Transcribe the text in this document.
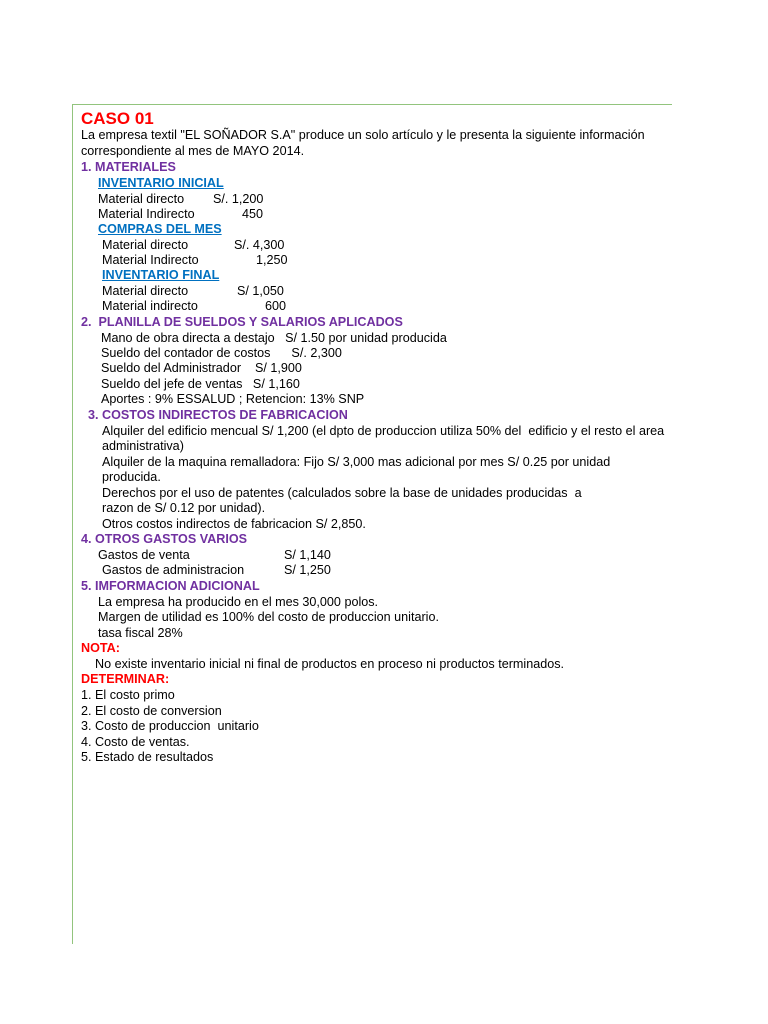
CASO 01
La empresa textil "EL SOÑADOR S.A" produce un solo artículo y le presenta la siguiente información
correspondiente al mes de MAYO 2014.
1. MATERIALES
INVENTARIO INICIAL
Material directo S/. 1,200
Material Indirecto	450
COMPRAS DEL MES
Material directo	S/. 4,300
Material Indirecto	1,250
INVENTARIO FINAL
Material directo	S/ 1,050
Material indirecto	600
2.  PLANILLA DE SUELDOS Y SALARIOS APLICADOS
Mano de obra directa a destajo   S/ 1.50 por unidad producida
Sueldo del contador de costos      S/. 2,300
Sueldo del Administrador    S/ 1,900
Sueldo del jefe de ventas   S/ 1,160
Aportes : 9% ESSALUD ; Retencion: 13% SNP
3. COSTOS INDIRECTOS DE FABRICACION
Alquiler del edificio mencual S/ 1,200 (el dpto de produccion utiliza 50% del  edificio y el resto el area
administrativa)
Alquiler de la maquina remalladora: Fijo S/ 3,000 mas adicional por mes S/ 0.25 por unidad
producida.
Derechos por el uso de patentes (calculados sobre la base de unidades producidas  a
razon de S/ 0.12 por unidad).
Otros costos indirectos de fabricacion S/ 2,850.
4. OTROS GASTOS VARIOS
Gastos de venta	S/ 1,140
Gastos de administracion	S/ 1,250
5. IMFORMACION ADICIONAL
La empresa ha producido en el mes 30,000 polos.
Margen de utilidad es 100% del costo de produccion unitario.
tasa fiscal 28%
NOTA:
No existe inventario inicial ni final de productos en proceso ni productos terminados.
DETERMINAR:
1. El costo primo
2. El costo de conversion
3. Costo de produccion  unitario
4. Costo de ventas.
5. Estado de resultados
